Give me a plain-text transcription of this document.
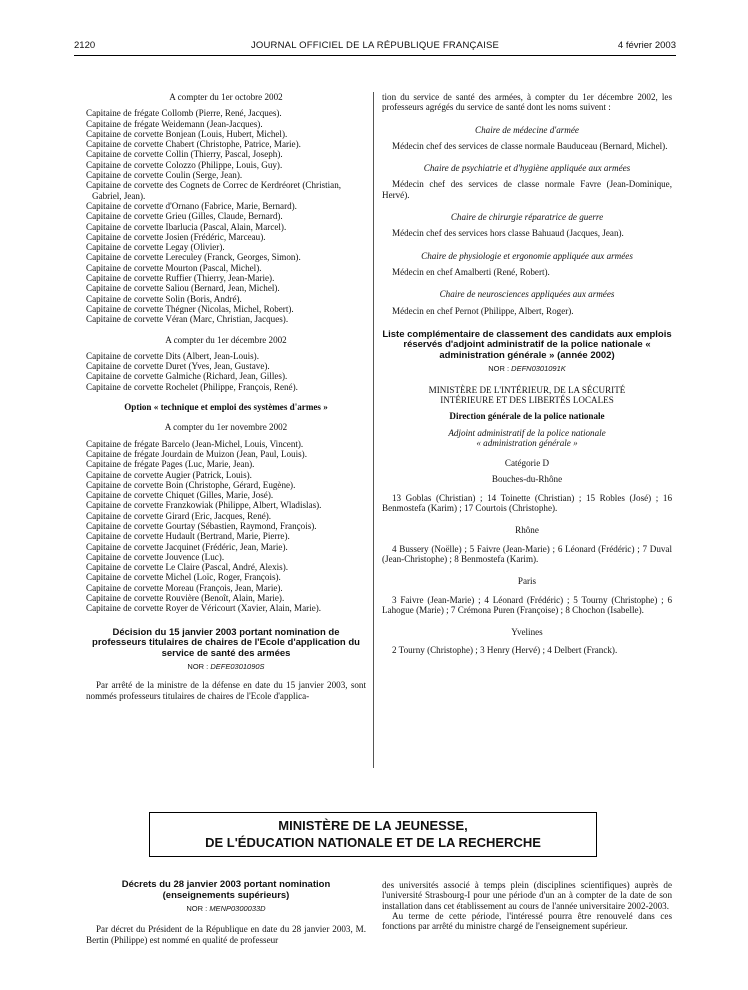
2120	JOURNAL OFFICIEL DE LA RÉPUBLIQUE FRANÇAISE	4 février 2003

A compter du 1er octobre 2002

Capitaine de frégate Collomb (Pierre, René, Jacques).

Capitaine de frégate Weidemann (Jean-Jacques).

Capitaine de corvette Bonjean (Louis, Hubert, Michel).

Capitaine de corvette Chabert (Christophe, Patrice, Marie).

Capitaine de corvette Collin (Thierry, Pascal, Joseph).

Capitaine de corvette Colozzo (Philippe, Louis, Guy).

Capitaine de corvette Coulin (Serge, Jean).

Capitaine de corvette des Cognets de Correc de Kerdréoret (Christian, Gabriel, Jean).

Capitaine de corvette d'Ornano (Fabrice, Marie, Bernard).

Capitaine de corvette Grieu (Gilles, Claude, Bernard).

Capitaine de corvette Ibarlucia (Pascal, Alain, Marcel).

Capitaine de corvette Josien (Frédéric, Marceau).

Capitaine de corvette Legay (Olivier).

Capitaine de corvette Lereculey (Franck, Georges, Simon).

Capitaine de corvette Mourton (Pascal, Michel).

Capitaine de corvette Ruffier (Thierry, Jean-Marie).

Capitaine de corvette Saliou (Bernard, Jean, Michel).

Capitaine de corvette Solin (Boris, André).

Capitaine de corvette Thégner (Nicolas, Michel, Robert).

Capitaine de corvette Véran (Marc, Christian, Jacques).

A compter du 1er décembre 2002

Capitaine de corvette Dits (Albert, Jean-Louis).

Capitaine de corvette Duret (Yves, Jean, Gustave).

Capitaine de corvette Galmiche (Richard, Jean, Gilles).

Capitaine de corvette Rochelet (Philippe, François, René).

Option « technique et emploi des systèmes d'armes »

A compter du 1er novembre 2002

Capitaine de frégate Barcelo (Jean-Michel, Louis, Vincent).

Capitaine de frégate Jourdain de Muizon (Jean, Paul, Louis).

Capitaine de frégate Pages (Luc, Marie, Jean).

Capitaine de corvette Augier (Patrick, Louis).

Capitaine de corvette Boin (Christophe, Gérard, Eugène).

Capitaine de corvette Chiquet (Gilles, Marie, José).

Capitaine de corvette Franzkowiak (Philippe, Albert, Wladislas).

Capitaine de corvette Girard (Eric, Jacques, René).

Capitaine de corvette Gourtay (Sébastien, Raymond, François).

Capitaine de corvette Hudault (Bertrand, Marie, Pierre).

Capitaine de corvette Jacquinet (Frédéric, Jean, Marie).

Capitaine de corvette Jouvence (Luc).

Capitaine de corvette Le Claire (Pascal, André, Alexis).

Capitaine de corvette Michel (Loïc, Roger, François).

Capitaine de corvette Moreau (François, Jean, Marie).

Capitaine de corvette Rouvière (Benoît, Alain, Marie).

Capitaine de corvette Royer de Véricourt (Xavier, Alain, Marie).

Décision du 15 janvier 2003 portant nomination de professeurs titulaires de chaires de l'Ecole d'application du service de santé des armées

NOR : DEFE0301090S

Par arrêté de la ministre de la défense en date du 15 janvier 2003, sont nommés professeurs titulaires de chaires de l'Ecole d'applica-

tion du service de santé des armées, à compter du 1er décembre 2002, les professeurs agrégés du service de santé dont les noms suivent :

Chaire de médecine d'armée

Médecin chef des services de classe normale Bauduceau (Bernard, Michel).

Chaire de psychiatrie et d'hygiène appliquée aux armées

Médecin chef des services de classe normale Favre (Jean-Dominique, Hervé).

Chaire de chirurgie réparatrice de guerre

Médecin chef des services hors classe Bahuaud (Jacques, Jean).

Chaire de physiologie et ergonomie appliquée aux armées

Médecin en chef Amalberti (René, Robert).

Chaire de neurosciences appliquées aux armées

Médecin en chef Pernot (Philippe, Albert, Roger).

Liste complémentaire de classement des candidats aux emplois réservés d'adjoint administratif de la police nationale « administration générale » (année 2002)

NOR : DEFN0301091K

MINISTÈRE DE L'INTÉRIEUR, DE LA SÉCURITÉ

INTÉRIEURE ET DES LIBERTÉS LOCALES

Direction générale de la police nationale

Adjoint administratif de la police nationale

« administration générale »

Catégorie D

Bouches-du-Rhône

13 Goblas (Christian) ; 14 Toinette (Christian) ; 15 Robles (José) ; 16 Benmostefa (Karim) ; 17 Courtois (Christophe).

Rhône

4 Bussery (Noëlle) ; 5 Faivre (Jean-Marie) ; 6 Léonard (Frédéric) ; 7 Duval (Jean-Christophe) ; 8 Benmostefa (Karim).

Paris

3 Faivre (Jean-Marie) ; 4 Léonard (Frédéric) ; 5 Tourny (Christophe) ; 6 Lahogue (Marie) ; 7 Crémona Puren (Françoise) ; 8 Chochon (Isabelle).

Yvelines

2 Tourny (Christophe) ; 3 Henry (Hervé) ; 4 Delbert (Franck).

MINISTÈRE DE LA JEUNESSE,

DE L'ÉDUCATION NATIONALE ET DE LA RECHERCHE

Décrets du 28 janvier 2003 portant nomination (enseignements supérieurs)

NOR : MENP0300033D

Par décret du Président de la République en date du 28 janvier 2003, M. Bertin (Philippe) est nommé en qualité de professeur

des universités associé à temps plein (disciplines scientifiques) auprès de l'université Strasbourg-I pour une période d'un an à compter de la date de son installation dans cet établissement au cours de l'année universitaire 2002-2003.

Au terme de cette période, l'intéressé pourra être renouvelé dans ces fonctions par arrêté du ministre chargé de l'enseignement supérieur.
